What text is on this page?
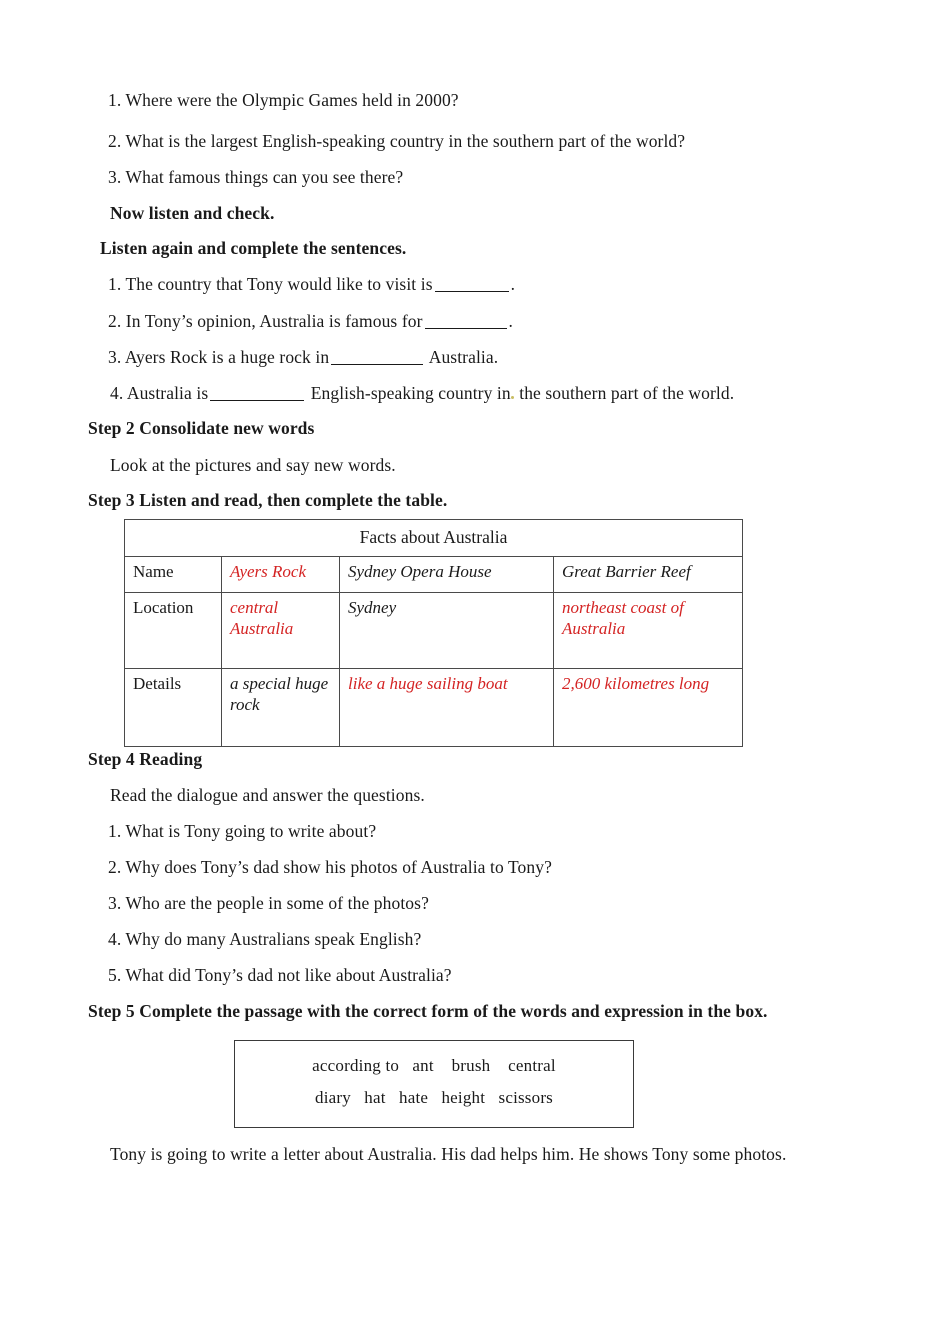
1. Where were the Olympic Games held in 2000?
2. What is the largest English-speaking country in the southern part of the world?
3. What famous things can you see there?
Now listen and check.
Listen again and complete the sentences.
1. The country that Tony would like to visit is	.
2. In Tony’s opinion, Australia is famous for	.
3. Ayers Rock is a huge rock in	Australia.
4. Australia is	English-speaking country in the southern part of the world.
Step 2 Consolidate new words
Look at the pictures and say new words.
Step 3 Listen and read, then complete the table.
Facts about Australia			
Name	Ayers Rock	Sydney Opera House	Great Barrier Reef
Location	central Australia	Sydney	northeast coast of Australia
Details	a special huge rock	like a huge sailing boat	2,600 kilometres long
Step 4 Reading
Read the dialogue and answer the questions.
1. What is Tony going to write about?
2. Why does Tony’s dad show his photos of Australia to Tony?
3. Who are the people in some of the photos?
4. Why do many Australians speak English?
5. What did Tony’s dad not like about Australia?
Step 5 Complete the passage with the correct form of the words and expression in the box.
according to   ant    brush    central
diary   hat   hate   height   scissors
Tony is going to write a letter about Australia. His dad helps him. He shows Tony some photos.
